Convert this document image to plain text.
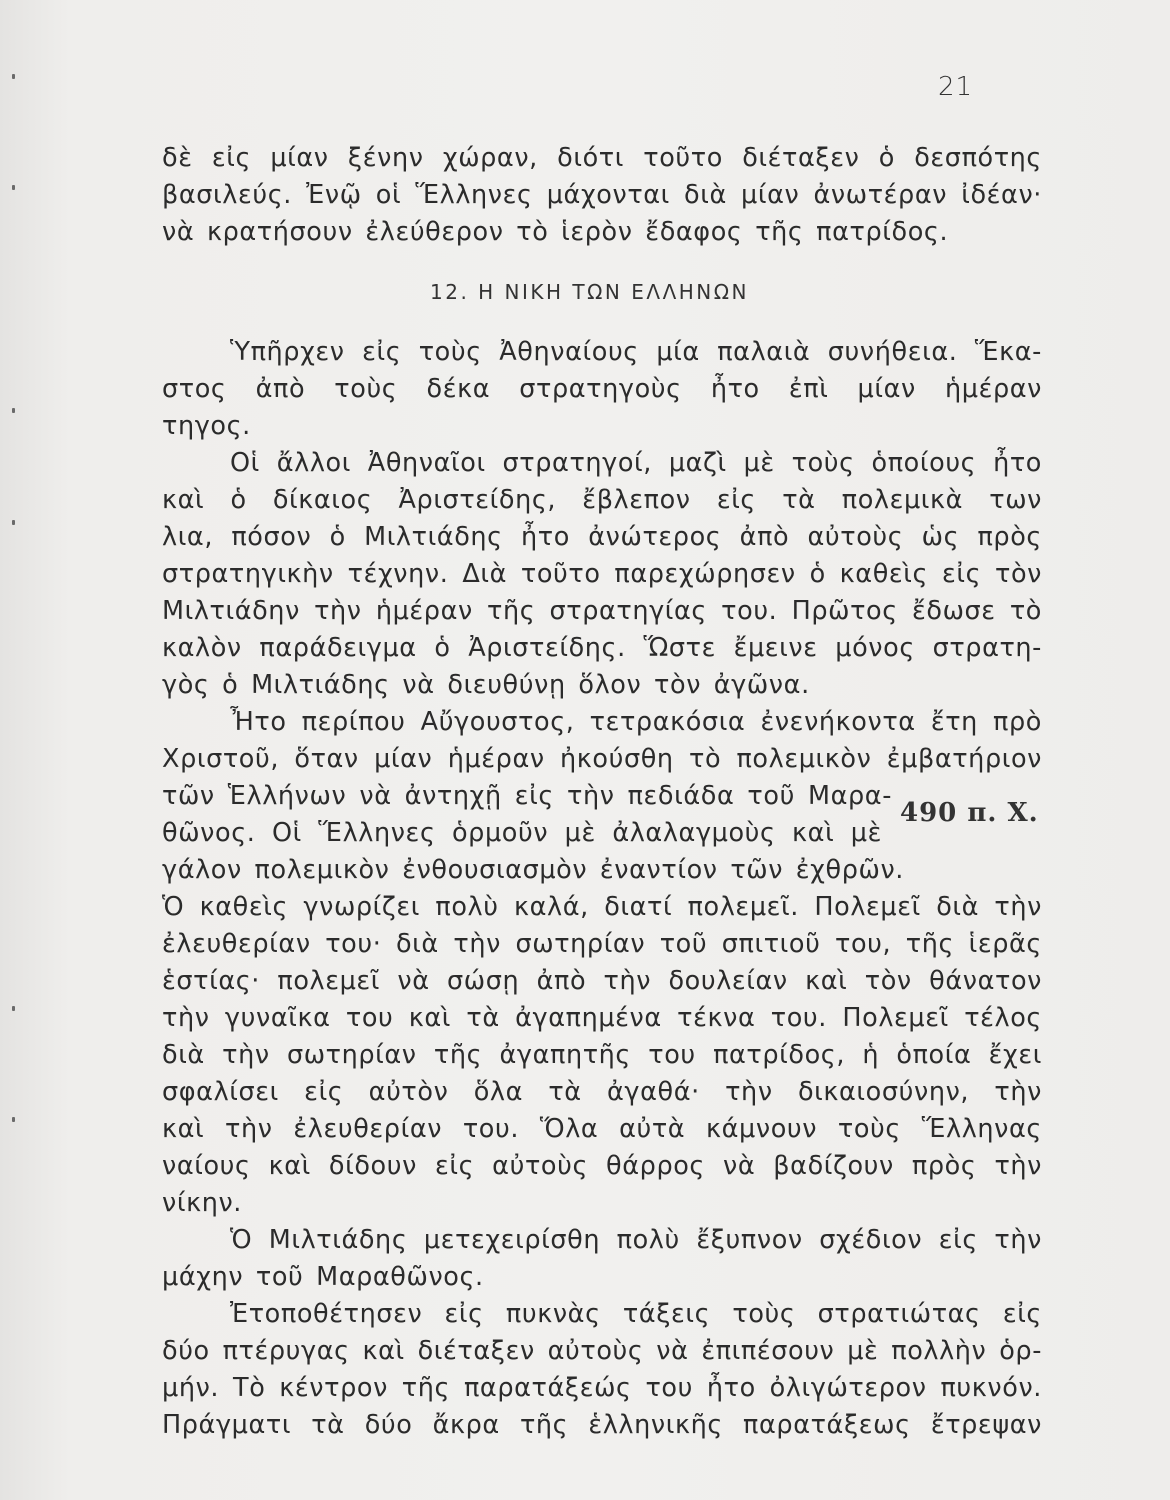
21
δὲ εἰς μίαν ξένην χώραν, διότι τοῦτο διέταξεν ὁ δεσπότης
βασιλεύς. Ἐνῷ οἱ Ἕλληνες μάχονται διὰ μίαν ἀνωτέραν ἰδέαν·
νὰ κρατήσουν ἐλεύθερον τὸ ἱερὸν ἔδαφος τῆς πατρίδος.
12. Η ΝΙΚΗ ΤΩΝ ΕΛΛΗΝΩΝ
Ὑπῆρχεν εἰς τοὺς Ἀθηναίους μία παλαιὰ συνήθεια. Ἕκα-
στος ἀπὸ τοὺς δέκα στρατηγοὺς ἦτο ἐπὶ μίαν ἡμέραν
τηγος.
Οἱ ἄλλοι Ἀθηναῖοι στρατηγοί, μαζὶ μὲ τοὺς ὁποίους ἦτο
καὶ ὁ δίκαιος Ἀριστείδης, ἔβλεπον εἰς τὰ πολεμικὰ των
λια, πόσον ὁ Μιλτιάδης ἦτο ἀνώτερος ἀπὸ αὐτοὺς ὡς πρὸς
στρατηγικὴν τέχνην. Διὰ τοῦτο παρεχώρησεν ὁ καθεὶς εἰς τὸν
Μιλτιάδην τὴν ἡμέραν τῆς στρατηγίας του. Πρῶτος ἔδωσε τὸ
καλὸν παράδειγμα ὁ Ἀριστείδης. Ὥστε ἔμεινε μόνος στρατη-
γὸς ὁ Μιλτιάδης νὰ διευθύνῃ ὅλον τὸν ἀγῶνα.
Ἦτο περίπου Αὔγουστος, τετρακόσια ἐνενήκοντα ἔτη πρὸ
Χριστοῦ, ὅταν μίαν ἡμέραν ἠκούσθη τὸ πολεμικὸν ἐμβατήριον
τῶν Ἑλλήνων νὰ ἀντηχῇ εἰς τὴν πεδιάδα τοῦ Μαρα-
θῶνος. Οἱ Ἕλληνες ὁρμοῦν μὲ ἀλαλαγμοὺς καὶ μὲ
γάλον πολεμικὸν ἐνθουσιασμὸν ἐναντίον τῶν ἐχθρῶν.
490 π. Χ.
Ὁ καθεὶς γνωρίζει πολὺ καλά, διατί πολεμεῖ. Πολεμεῖ διὰ τὴν
ἐλευθερίαν του· διὰ τὴν σωτηρίαν τοῦ σπιτιοῦ του, τῆς ἱερᾶς
ἑστίας· πολεμεῖ νὰ σώσῃ ἀπὸ τὴν δουλείαν καὶ τὸν θάνατον
τὴν γυναῖκα του καὶ τὰ ἀγαπημένα τέκνα του. Πολεμεῖ τέλος
διὰ τὴν σωτηρίαν τῆς ἀγαπητῆς του πατρίδος, ἡ ὁποία ἔχει
σφαλίσει εἰς αὐτὸν ὅλα τὰ ἀγαθά· τὴν δικαιοσύνην, τὴν
καὶ τὴν ἐλευθερίαν του. Ὅλα αὐτὰ κάμνουν τοὺς Ἕλληνας
ναίους καὶ δίδουν εἰς αὐτοὺς θάρρος νὰ βαδίζουν πρὸς τὴν
νίκην.
Ὁ Μιλτιάδης μετεχειρίσθη πολὺ ἔξυπνον σχέδιον εἰς τὴν
μάχην τοῦ Μαραθῶνος.
Ἐτοποθέτησεν εἰς πυκνὰς τάξεις τοὺς στρατιώτας εἰς
δύο πτέρυγας καὶ διέταξεν αὐτοὺς νὰ ἐπιπέσουν μὲ πολλὴν ὁρ-
μήν. Τὸ κέντρον τῆς παρατάξεώς του ἦτο ὀλιγώτερον πυκνόν.
Πράγματι τὰ δύο ἄκρα τῆς ἑλληνικῆς παρατάξεως ἔτρεψαν
